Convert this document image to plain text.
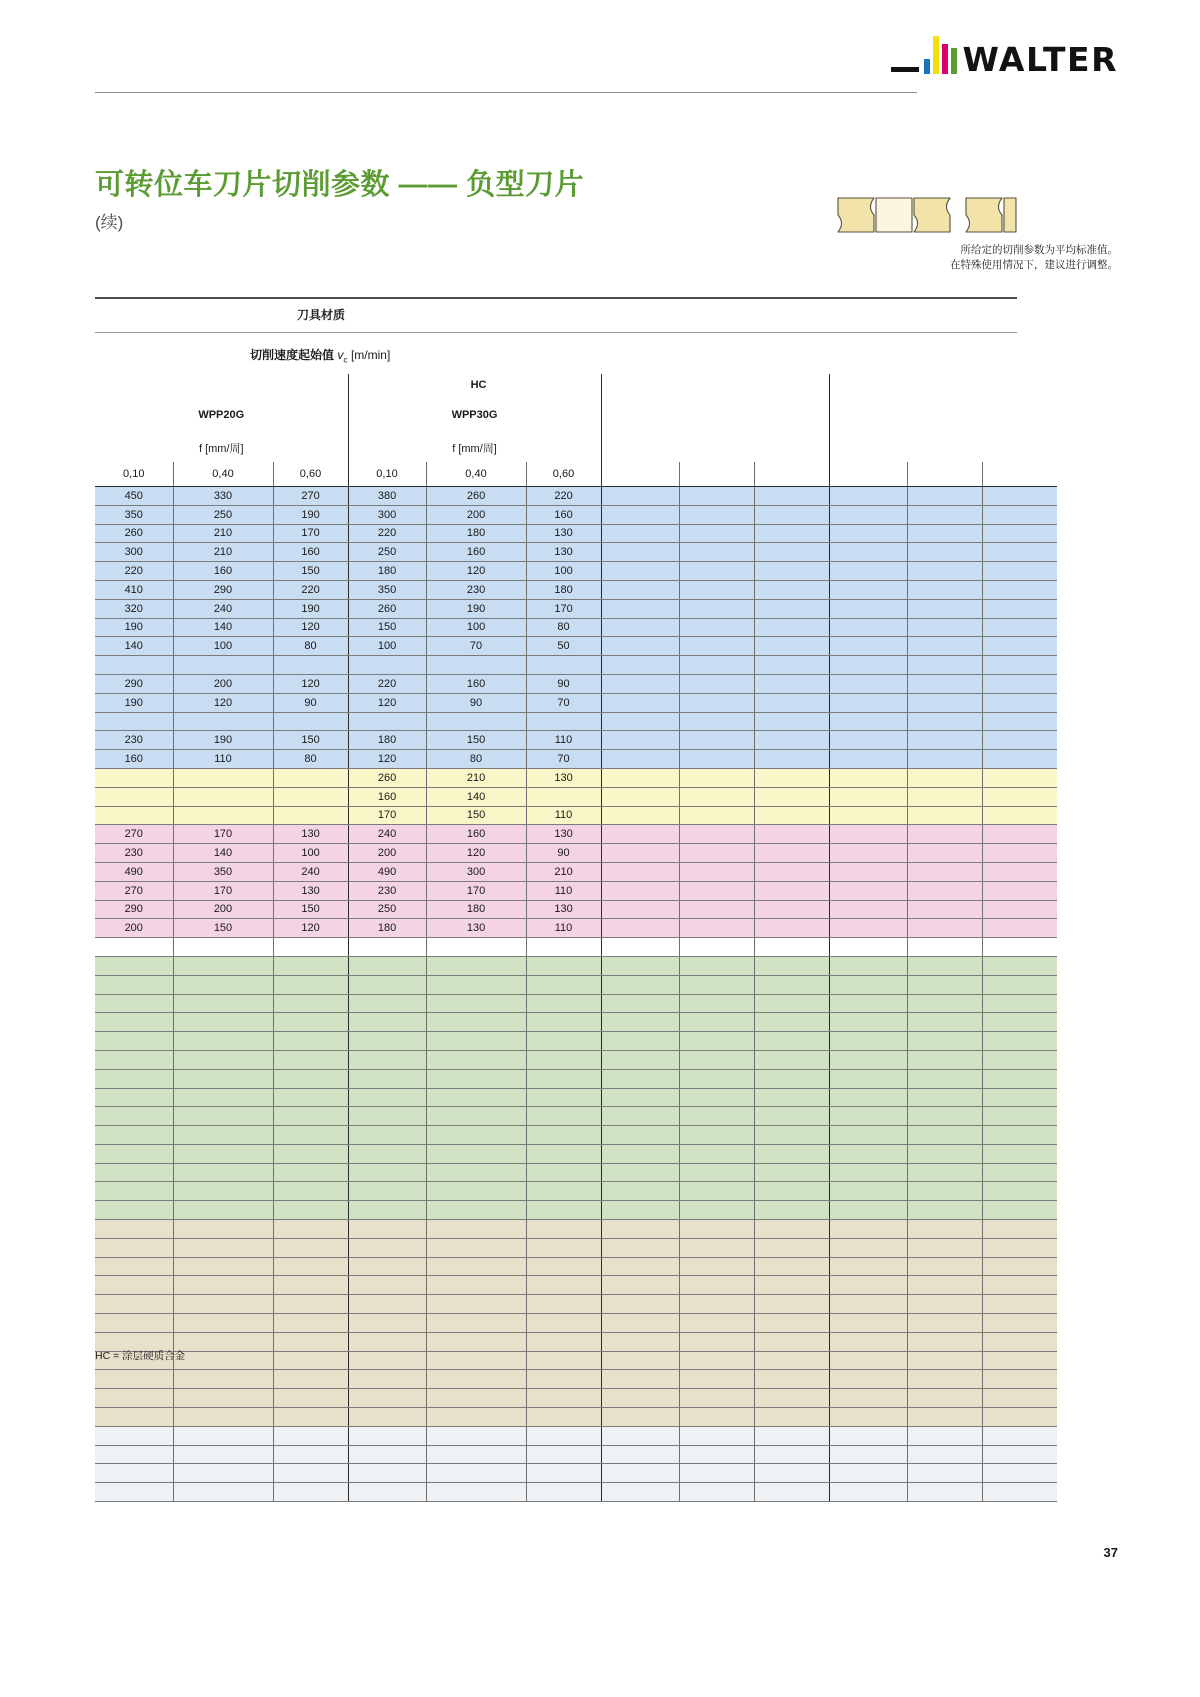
WALTER
可转位车刀片切削参数 —— 负型刀片
(续)
所给定的切削参数为平均标准值。
在特殊使用情况下，建议进行调整。
刀具材质
切削速度起始值 $v_c$ [m/min]
			HC								
WPP20G			WPP30G								
f [mm/周]			f [mm/周]								
0,10	0,40	0,60	0,10	0,40	0,60						
450	330	270	380	260	220						
350	250	190	300	200	160						
260	210	170	220	180	130						
300	210	160	250	160	130						
220	160	150	180	120	100						
410	290	220	350	230	180						
320	240	190	260	190	170						
190	140	120	150	100	80						
140	100	80	100	70	50						

290	200	120	220	160	90						
190	120	90	120	90	70						

230	190	150	180	150	110						
160	110	80	120	80	70						
			260	210	130						
			160	140							
			170	150	110						
270	170	130	240	160	130						
230	140	100	200	120	90						
490	350	240	490	300	210						
270	170	130	230	170	110						
290	200	150	250	180	130						
200	150	120	180	130	110						

HC = 涂层硬质合金
37
